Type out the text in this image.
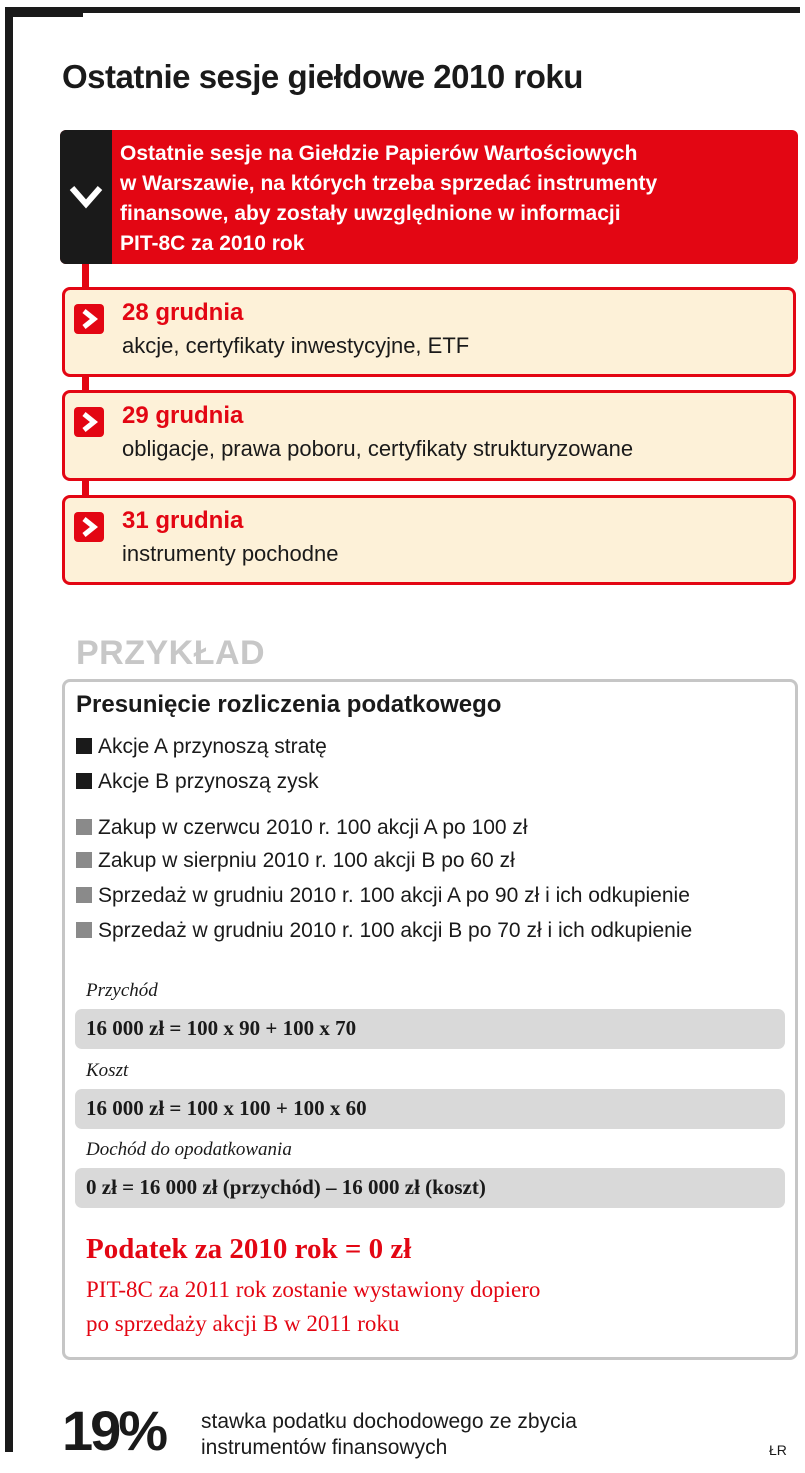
Ostatnie sesje giełdowe 2010 roku
Ostatnie sesje na Giełdzie Papierów Wartościowych
w Warszawie, na których trzeba sprzedać instrumenty
finansowe, aby zostały uwzględnione w informacji
PIT-8C za 2010 rok
28 grudnia
akcje, certyfikaty inwestycyjne, ETF
29 grudnia
obligacje, prawa poboru, certyfikaty strukturyzowane
31 grudnia
instrumenty pochodne
PRZYKŁAD
Presunięcie rozliczenia podatkowego
Akcje A przynoszą stratę
Akcje B przynoszą zysk
Zakup w czerwcu 2010 r. 100 akcji A po 100 zł
Zakup w sierpniu 2010 r. 100 akcji B po 60 zł
Sprzedaż w grudniu 2010 r. 100 akcji A po 90 zł i ich odkupienie
Sprzedaż w grudniu 2010 r. 100 akcji B po 70 zł i ich odkupienie
Przychód
16 000 zł = 100 x 90 + 100 x 70
Koszt
16 000 zł = 100 x 100 + 100 x 60
Dochód do opodatkowania
0 zł = 16 000 zł (przychód) – 16 000 zł (koszt)
Podatek za 2010 rok = 0 zł
PIT-8C za 2011 rok zostanie wystawiony dopiero
po sprzedaży akcji B w 2011 roku
19% stawka podatku dochodowego ze zbycia
instrumentów finansowych	ŁR
